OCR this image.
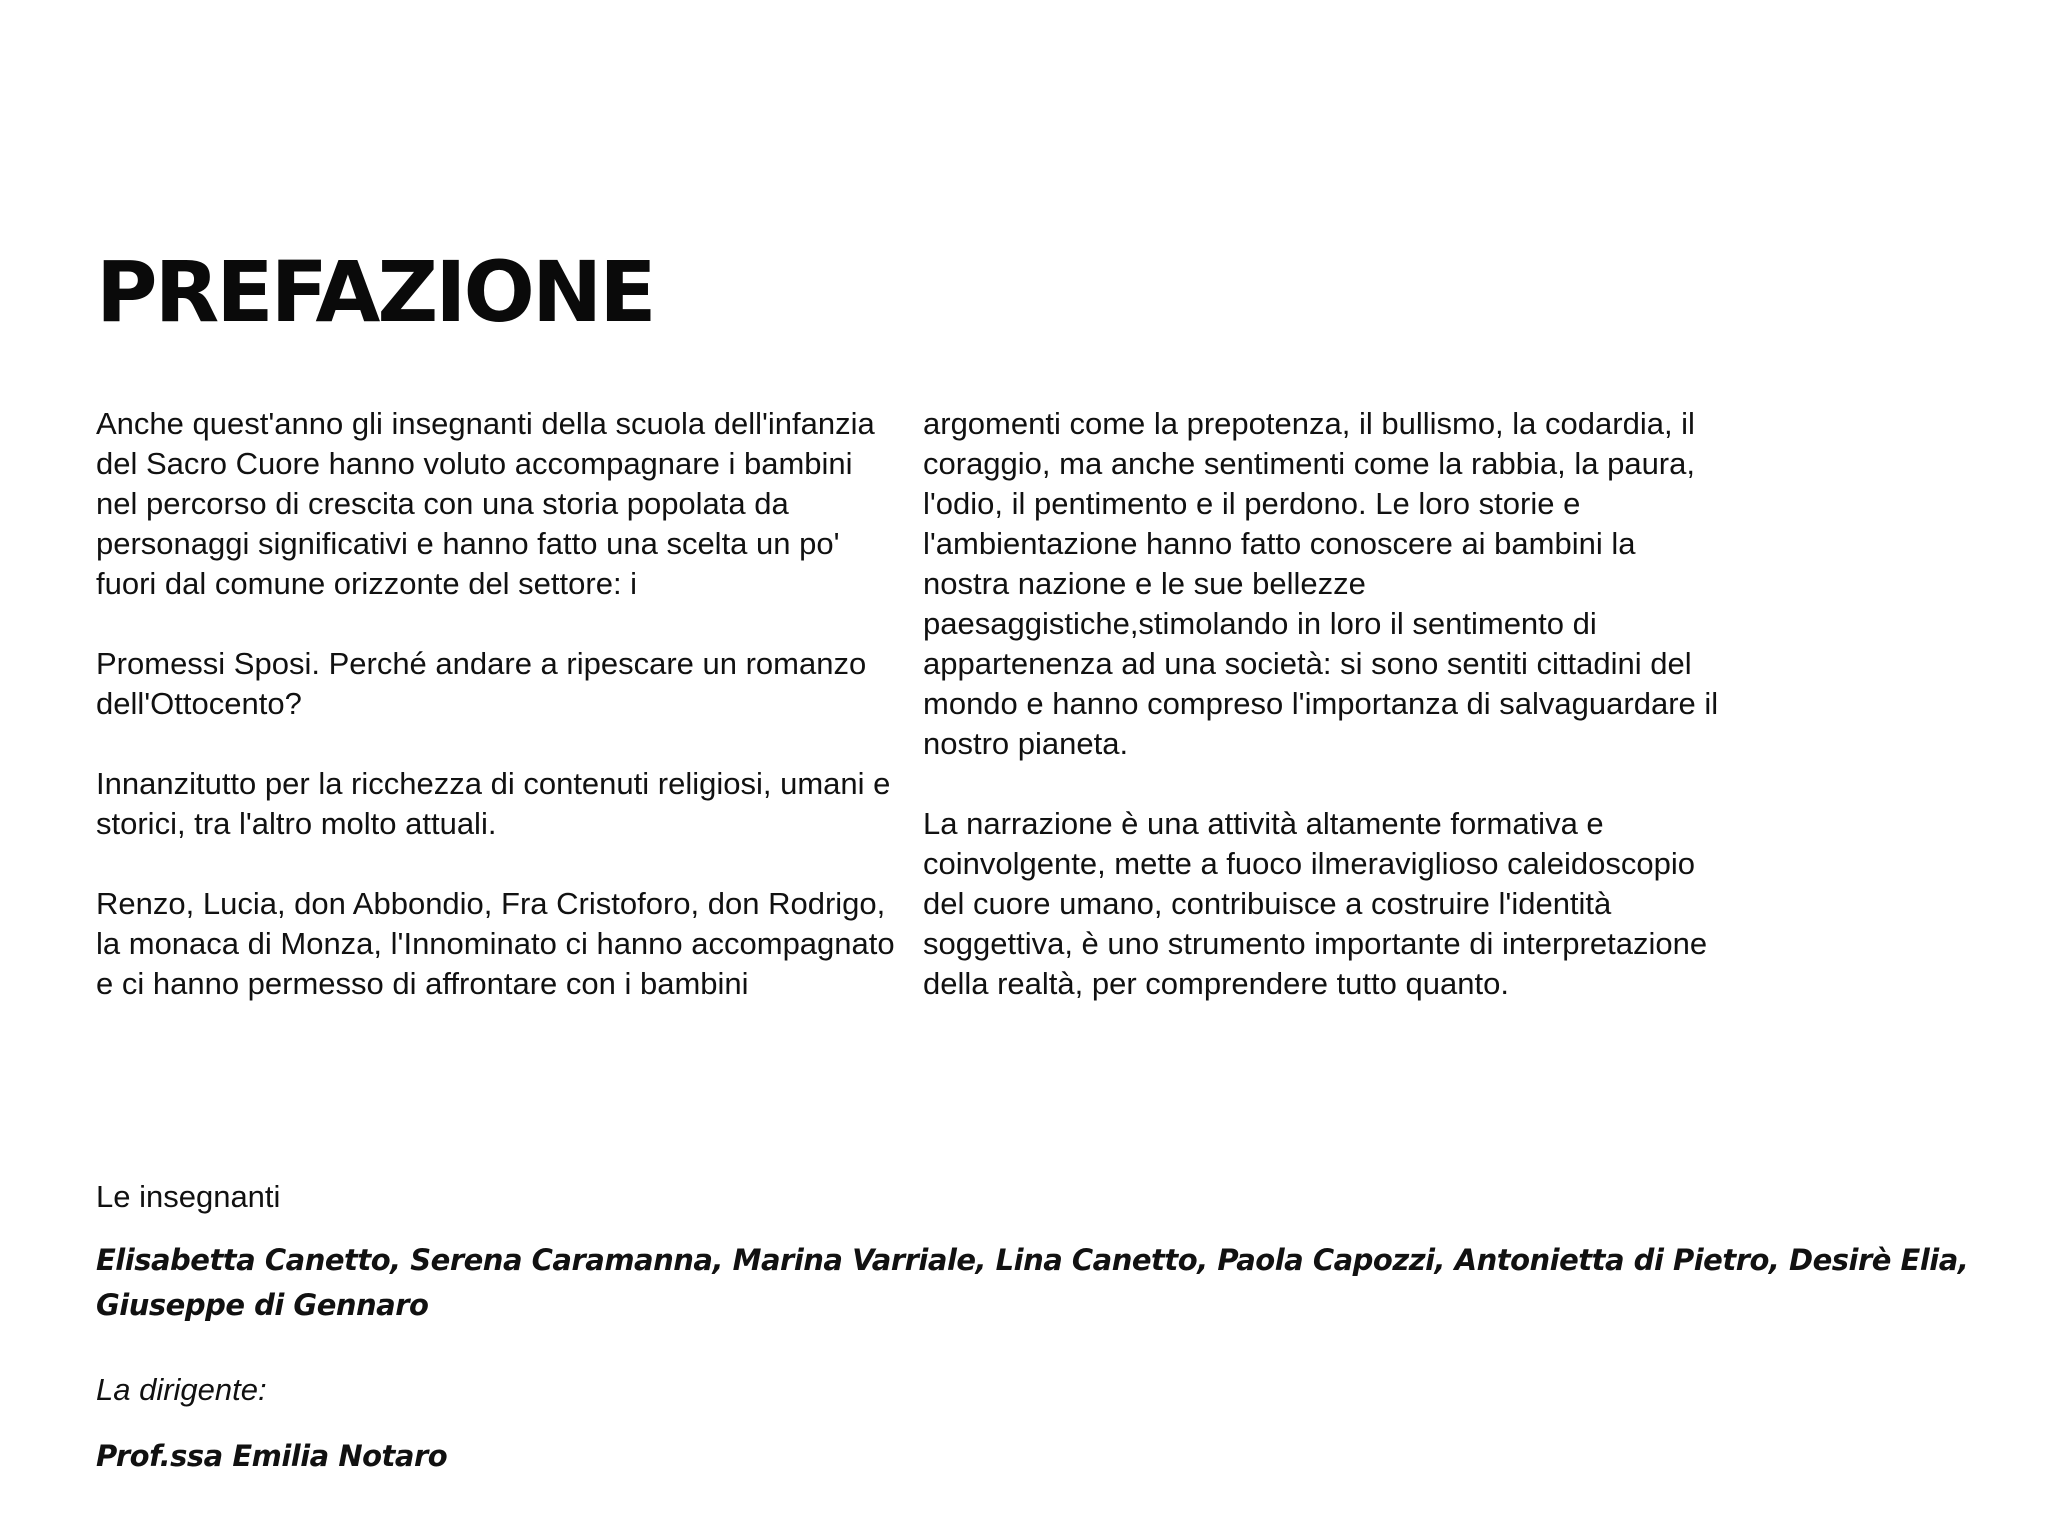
PREFAZIONE

Anche quest'anno gli insegnanti della scuola dell'infanzia del Sacro Cuore hanno voluto accompagnare i bambini nel percorso di crescita con una storia popolata da personaggi significativi e hanno fatto una scelta un po' fuori dal comune orizzonte del settore: i

Promessi Sposi. Perché andare a ripescare un romanzo dell'Ottocento?

Innanzitutto per la ricchezza di contenuti religiosi, umani e storici, tra l'altro molto attuali.

Renzo, Lucia, don Abbondio, Fra Cristoforo, don Rodrigo, la monaca di Monza, l'Innominato ci hanno accompagnato e ci hanno permesso di affrontare con i bambini

argomenti come la prepotenza, il bullismo, la codardia, il coraggio, ma anche sentimenti come la rabbia, la paura, l'odio, il pentimento e il perdono. Le loro storie e l'ambientazione hanno fatto conoscere ai bambini la nostra nazione e le sue bellezze paesaggistiche,stimolando in loro il sentimento di appartenenza ad una società: si sono sentiti cittadini del mondo e hanno compreso l'importanza di salvaguardare il nostro pianeta.

La narrazione è una attività altamente formativa e coinvolgente, mette a fuoco ilmeraviglioso caleidoscopio del cuore umano, contribuisce a costruire l'identità soggettiva, è uno strumento importante di interpretazione della realtà, per comprendere tutto quanto.

Le insegnanti

Elisabetta Canetto, Serena Caramanna, Marina Varriale, Lina Canetto, Paola Capozzi, Antonietta di Pietro, Desirè Elia, Giuseppe di Gennaro

La dirigente:

Prof.ssa Emilia Notaro
